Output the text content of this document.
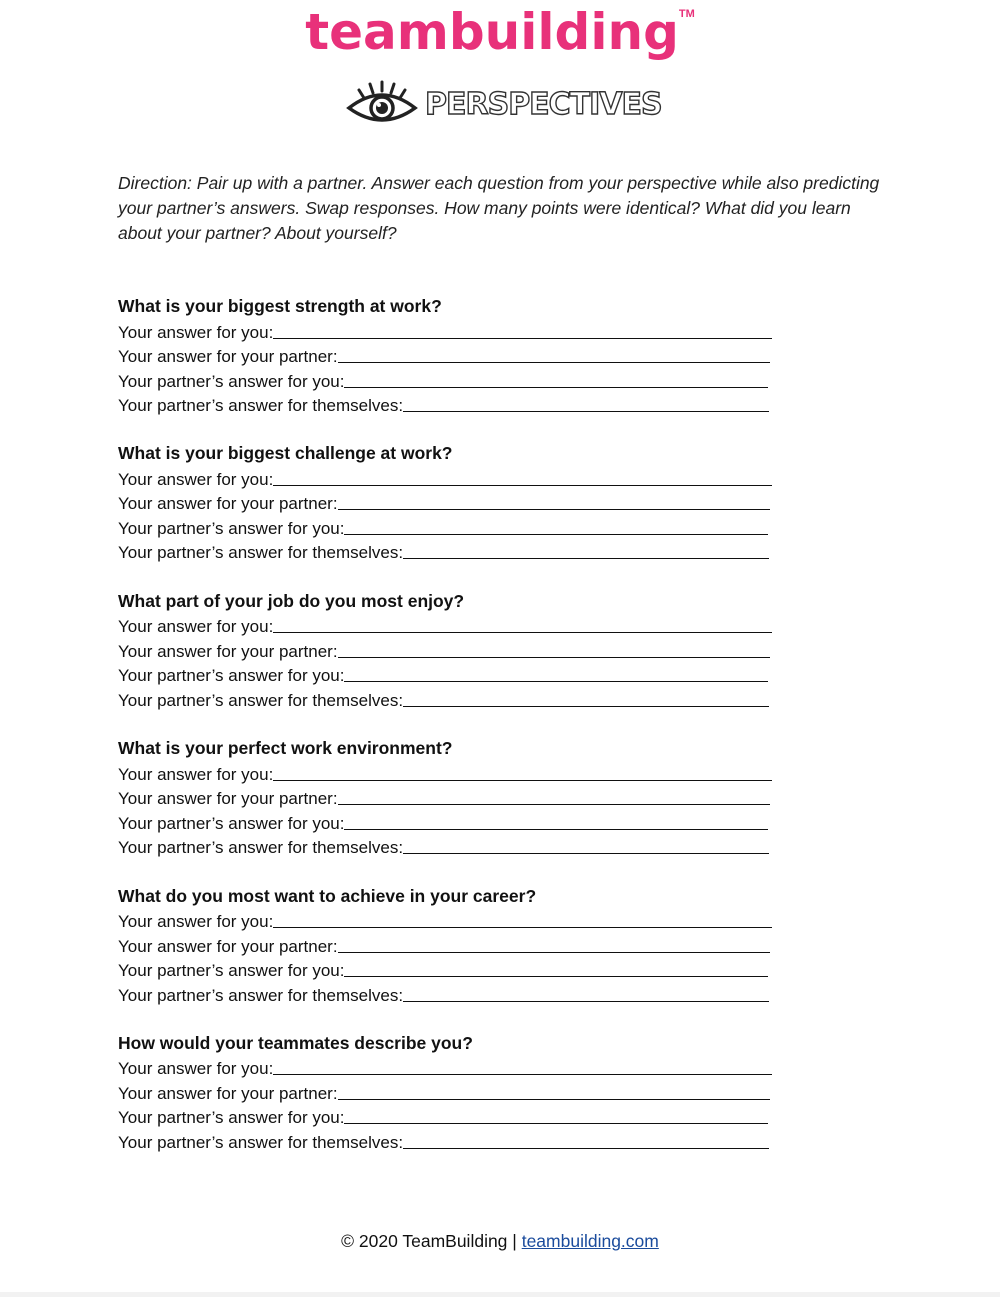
teambuilding™
PERSPECTIVES
Direction: Pair up with a partner. Answer each question from your perspective while also predicting your partner’s answers. Swap responses. How many points were identical? What did you learn about your partner? About yourself?
What is your biggest strength at work?
Your answer for you:
Your answer for your partner:
Your partner’s answer for you:
Your partner’s answer for themselves:
What is your biggest challenge at work?
Your answer for you:
Your answer for your partner:
Your partner’s answer for you:
Your partner’s answer for themselves:
What part of your job do you most enjoy?
Your answer for you:
Your answer for your partner:
Your partner’s answer for you:
Your partner’s answer for themselves:
What is your perfect work environment?
Your answer for you:
Your answer for your partner:
Your partner’s answer for you:
Your partner’s answer for themselves:
What do you most want to achieve in your career?
Your answer for you:
Your answer for your partner:
Your partner’s answer for you:
Your partner’s answer for themselves:
How would your teammates describe you?
Your answer for you:
Your answer for your partner:
Your partner’s answer for you:
Your partner’s answer for themselves:
© 2020 TeamBuilding | teambuilding.com
